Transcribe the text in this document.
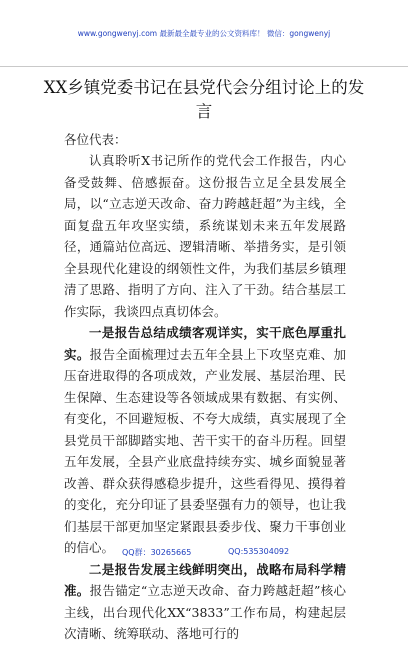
www.gongwenyj.com 最新最全最专业的公文资料库！ 微信：gongwenyj
XX乡镇党委书记在县党代会分组讨论上的发言
各位代表：

认真聆听X书记所作的党代会工作报告，内心备受鼓舞、倍感振奋。这份报告立足全县发展全局，以“立志逆天改命、奋力跨越赶超”为主线，全面复盘五年攻坚实绩，系统谋划未来五年发展路径，通篇站位高远、逻辑清晰、举措务实，是引领全县现代化建设的纲领性文件，为我们基层乡镇理清了思路、指明了方向、注入了干劲。结合基层工作实际，我谈四点真切体会。

一是报告总结成绩客观详实，实干底色厚重扎实。报告全面梳理过去五年全县上下攻坚克难、加压奋进取得的各项成效，产业发展、基层治理、民生保障、生态建设等各领域成果有数据、有实例、有变化，不回避短板、不夸大成绩，真实展现了全县党员干部脚踏实地、苦干实干的奋斗历程。回望五年发展，全县产业底盘持续夯实、城乡面貌显著改善、群众获得感稳步提升，这些看得见、摸得着的变化，充分印证了县委坚强有力的领导，也让我们基层干部更加坚定紧跟县委步伐、聚力干事创业的信心。

二是报告发展主线鲜明突出，战略布局科学精准。报告锚定“立志逆天改命、奋力跨越赶超”核心主线，出台现代化XX“3833”工作布局，构建起层次清晰、统筹联动、落地可行的

QQ群：30265665	QQ:535304092
